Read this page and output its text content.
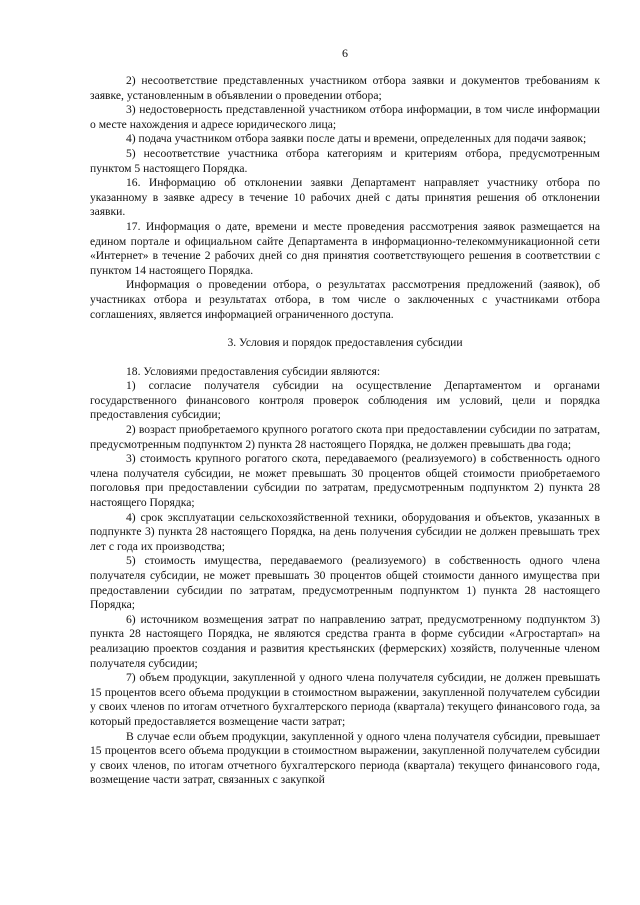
6

2) несоответствие представленных участником отбора заявки и документов требованиям к заявке, установленным в объявлении о проведении отбора;

3) недостоверность представленной участником отбора информации, в том числе информации о месте нахождения и адресе юридического лица;

4) подача участником отбора заявки после даты и времени, определенных для подачи заявок;

5) несоответствие участника отбора категориям и критериям отбора, предусмотренным пунктом 5 настоящего Порядка.

16. Информацию об отклонении заявки Департамент направляет участнику отбора по указанному в заявке адресу в течение 10 рабочих дней с даты принятия решения об отклонении заявки.

17. Информация о дате, времени и месте проведения рассмотрения заявок размещается на едином портале и официальном сайте Департамента в информационно-телекоммуникационной сети «Интернет» в течение 2 рабочих дней со дня принятия соответствующего решения в соответствии с пунктом 14 настоящего Порядка.

Информация о проведении отбора, о результатах рассмотрения предложений (заявок), об участниках отбора и результатах отбора, в том числе о заключенных с участниками отбора соглашениях, является информацией ограниченного доступа.

3. Условия и порядок предоставления субсидии

18. Условиями предоставления субсидии являются:

1) согласие получателя субсидии на осуществление Департаментом и органами государственного финансового контроля проверок соблюдения им условий, цели и порядка предоставления субсидии;

2) возраст приобретаемого крупного рогатого скота при предоставлении субсидии по затратам, предусмотренным подпунктом 2) пункта 28 настоящего Порядка, не должен превышать два года;

3) стоимость крупного рогатого скота, передаваемого (реализуемого) в собственность одного члена получателя субсидии, не может превышать 30 процентов общей стоимости приобретаемого поголовья при предоставлении субсидии по затратам, предусмотренным подпунктом 2) пункта 28 настоящего Порядка;

4) срок эксплуатации сельскохозяйственной техники, оборудования и объектов, указанных в подпункте 3) пункта 28 настоящего Порядка, на день получения субсидии не должен превышать трех лет с года их производства;

5) стоимость имущества, передаваемого (реализуемого) в собственность одного члена получателя субсидии, не может превышать 30 процентов общей стоимости данного имущества при предоставлении субсидии по затратам, предусмотренным подпунктом 1) пункта 28 настоящего Порядка;

6) источником возмещения затрат по направлению затрат, предусмотренному подпунктом 3) пункта 28 настоящего Порядка, не являются средства гранта в форме субсидии «Агростартап» на реализацию проектов создания и развития крестьянских (фермерских) хозяйств, полученные членом получателя субсидии;

7) объем продукции, закупленной у одного члена получателя субсидии, не должен превышать 15 процентов всего объема продукции в стоимостном выражении, закупленной получателем субсидии у своих членов по итогам отчетного бухгалтерского периода (квартала) текущего финансового года, за который предоставляется возмещение части затрат;

В случае если объем продукции, закупленной у одного члена получателя субсидии, превышает 15 процентов всего объема продукции в стоимостном выражении, закупленной получателем субсидии у своих членов, по итогам отчетного бухгалтерского периода (квартала) текущего финансового года, возмещение части затрат, связанных с закупкой
